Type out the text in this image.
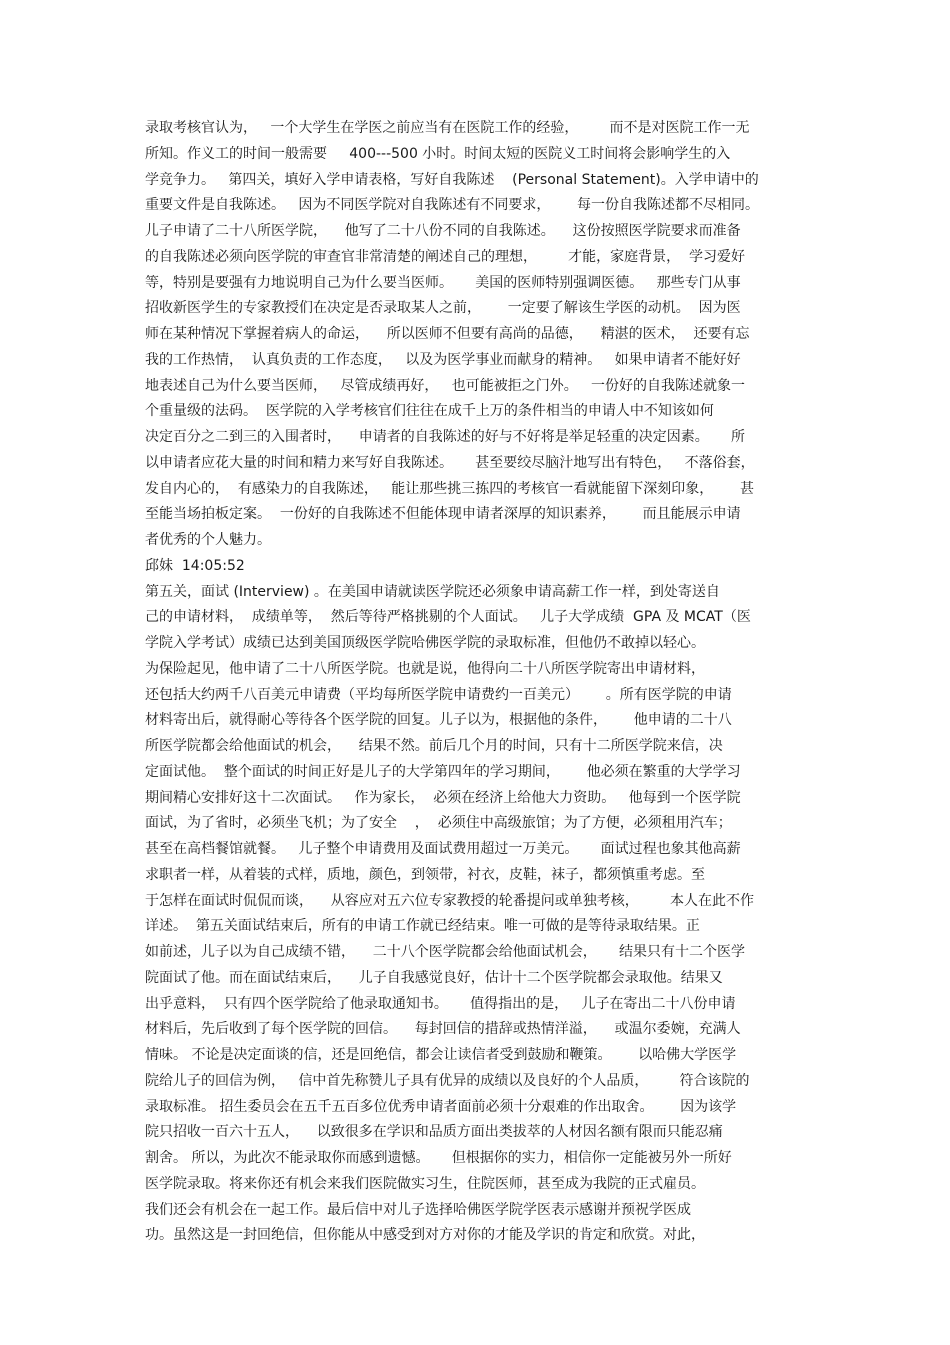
录取考核官认为，   一个大学生在学医之前应当有在医院工作的经验，       而不是对医院工作一无
所知。作义工的时间一般需要     400---500 小时。时间太短的医院义工时间将会影响学生的入
学竞争力。   第四关，填好入学申请表格，写好自我陈述    (Personal Statement)。入学申请中的
重要文件是自我陈述。   因为不同医学院对自我陈述有不同要求，      每一份自我陈述都不尽相同。
儿子申请了二十八所医学院，    他写了二十八份不同的自我陈述。    这份按照医学院要求而准备
的自我陈述必须向医学院的审查官非常清楚的阐述自己的理想，       才能，家庭背景，  学习爱好
等，特别是要强有力地说明自己为什么要当医师。     美国的医师特别强调医德。   那些专门从事
招收新医学生的专家教授们在决定是否录取某人之前，      一定要了解该生学医的动机。  因为医
师在某种情况下掌握着病人的命运，    所以医师不但要有高尚的品德，    精湛的医术，  还要有忘
我的工作热情，  认真负责的工作态度，   以及为医学事业而献身的精神。   如果申请者不能好好
地表述自己为什么要当医师，   尽管成绩再好，   也可能被拒之门外。   一份好的自我陈述就象一
个重量级的法码。  医学院的入学考核官们往往在成千上万的条件相当的申请人中不知该如何
决定百分之二到三的入围者时，    申请者的自我陈述的好与不好将是举足轻重的决定因素。     所
以申请者应花大量的时间和精力来写好自我陈述。     甚至要绞尽脑汁地写出有特色，   不落俗套，
发自内心的，  有感染力的自我陈述，   能让那些挑三拣四的考核官一看就能留下深刻印象，      甚
至能当场拍板定案。  一份好的自我陈述不但能体现申请者深厚的知识素养，      而且能展示申请
者优秀的个人魅力。
邱妹  14:05:52
第五关，面试 (Interview) 。在美国申请就读医学院还必须象申请高薪工作一样，到处寄送自
己的申请材料，  成绩单等，  然后等待严格挑剔的个人面试。   儿子大学成绩  GPA 及 MCAT（医
学院入学考试）成绩已达到美国顶级医学院哈佛医学院的录取标准，但他仍不敢掉以轻心。
为保险起见，他申请了二十八所医学院。也就是说，他得向二十八所医学院寄出申请材料，
还包括大约两千八百美元申请费（平均每所医学院申请费约一百美元）      。所有医学院的申请
材料寄出后，就得耐心等待各个医学院的回复。儿子以为，根据他的条件，      他申请的二十八
所医学院都会给他面试的机会，    结果不然。前后几个月的时间，只有十二所医学院来信，决
定面试他。  整个面试的时间正好是儿子的大学第四年的学习期间，      他必须在繁重的大学学习
期间精心安排好这十二次面试。   作为家长，  必须在经济上给他大力资助。   他每到一个医学院
面试，为了省时，必须坐飞机；为了安全    ，  必须住中高级旅馆；为了方便，必须租用汽车；
甚至在高档餐馆就餐。   儿子整个申请费用及面试费用超过一万美元。     面试过程也象其他高薪
求职者一样，从着装的式样，质地，颜色，到领带，衬衣，皮鞋，袜子，都须慎重考虑。至
于怎样在面试时侃侃而谈，    从容应对五六位专家教授的轮番提问或单独考核，       本人在此不作
详述。  第五关面试结束后，所有的申请工作就已经结束。唯一可做的是等待录取结果。正
如前述，儿子以为自己成绩不错，    二十八个医学院都会给他面试机会，     结果只有十二个医学
院面试了他。而在面试结束后，    儿子自我感觉良好，估计十二个医学院都会录取他。结果又
出乎意料，  只有四个医学院给了他录取通知书。     值得指出的是，   儿子在寄出二十八份申请
材料后，先后收到了每个医学院的回信。    每封回信的措辞或热情洋溢，    或温尔委婉，充满人
情味。 不论是决定面谈的信，还是回绝信，都会让读信者受到鼓励和鞭策。      以哈佛大学医学
院给儿子的回信为例，   信中首先称赞儿子具有优异的成绩以及良好的个人品质，       符合该院的
录取标准。 招生委员会在五千五百多位优秀申请者面前必须十分艰难的作出取舍。      因为该学
院只招收一百六十五人，    以致很多在学识和品质方面出类拔萃的人材因名额有限而只能忍痛
割舍。 所以，为此次不能录取你而感到遗憾。     但根据你的实力，相信你一定能被另外一所好
医学院录取。将来你还有机会来我们医院做实习生，住院医师，甚至成为我院的正式雇员。
我们还会有机会在一起工作。最后信中对儿子选择哈佛医学院学医表示感谢并预祝学医成
功。虽然这是一封回绝信，但你能从中感受到对方对你的才能及学识的肯定和欣赏。对此，
